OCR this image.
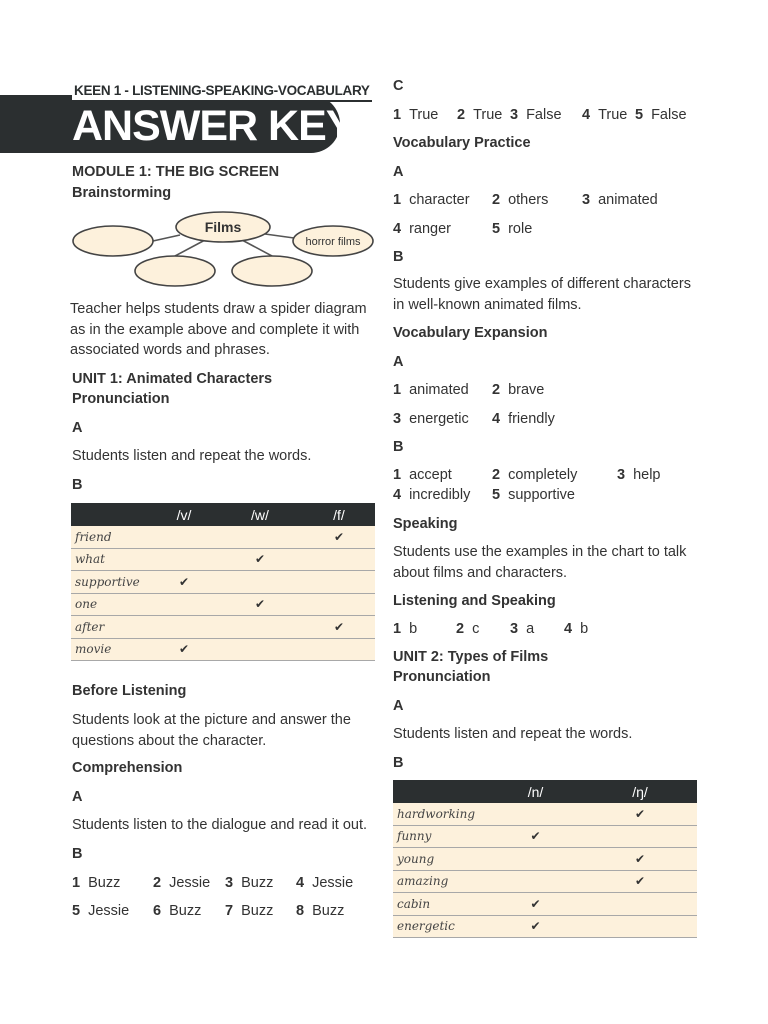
KEEN 1 - LISTENING-SPEAKING-VOCABULARY
ANSWER KEY
MODULE 1: THE BIG SCREEN
Brainstorming
Films
horror films
Teacher helps students draw a spider diagram as in the example above and complete it with associated words and phrases.
UNIT 1: Animated Characters
Pronunciation
A
Students listen and repeat the words.
B
	/v/	/w/	/f/
friend			✔
what		✔	
supportive	✔		
one		✔	
after			✔
movie	✔		
Before Listening
Students look at the picture and answer the questions about the character.
Comprehension
A
Students listen to the dialogue and read it out.
B
1 Buzz 2 Jessie 3 Buzz 4 Jessie
5 Jessie 6 Buzz 7 Buzz 8 Buzz
C
1 True 2 True 3 False 4 True 5 False
Vocabulary Practice
A
1 character 2 others 3 animated
4 ranger	5 role
B
Students give examples of different characters in well-known animated films.
Vocabulary Expansion
A
1 animated 2 brave
3 energetic 4 friendly
B
1 accept	2 completely	3 help
4 incredibly 5 supportive
Speaking
Students use the examples in the chart to talk about films and characters.
Listening and Speaking
1 b	2 c 3 a 4 b
UNIT 2: Types of Films
Pronunciation
A
Students listen and repeat the words.
B
	/n/	/ŋ/
hardworking		✔
funny	✔	
young		✔
amazing		✔
cabin	✔	
energetic	✔	
